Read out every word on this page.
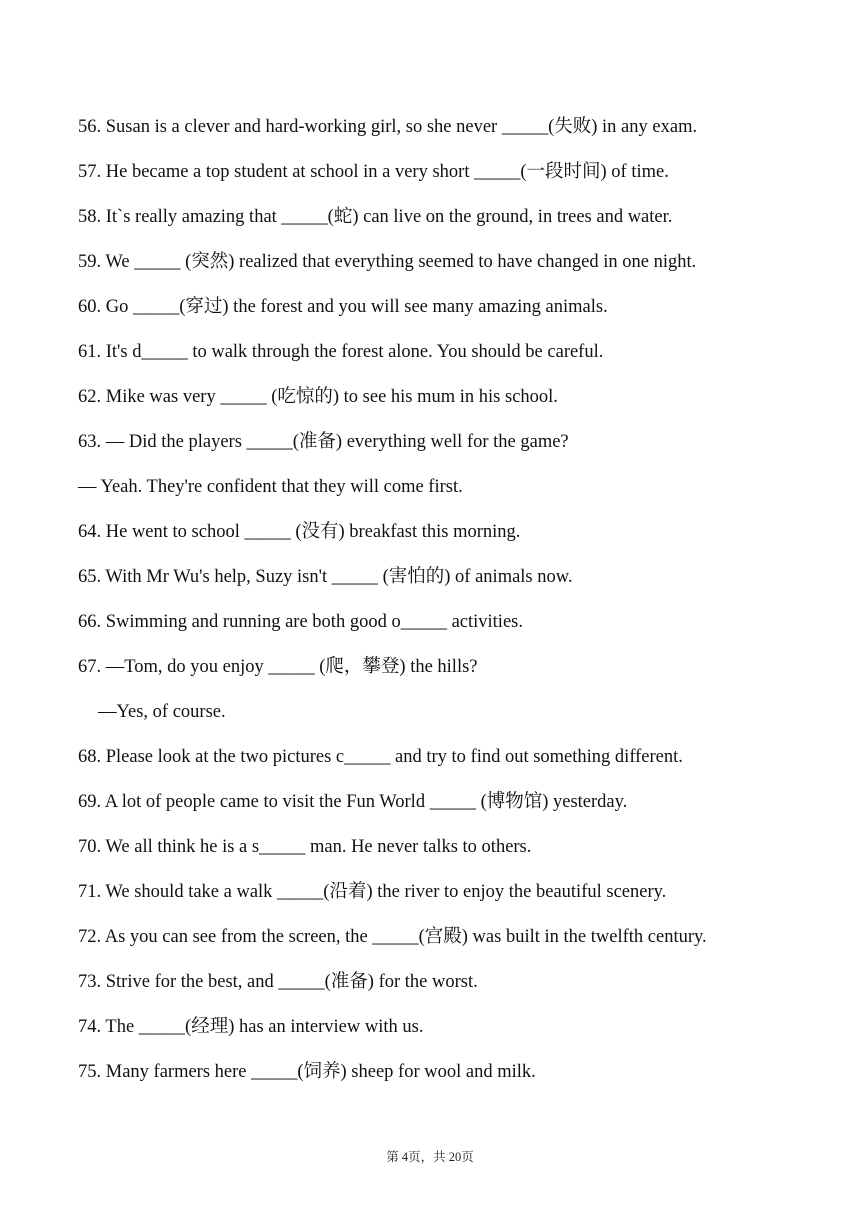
56. Susan is a clever and hard-working girl, so she never _____(失败) in any exam.
57. He became a top student at school in a very short _____(一段时间) of time.
58. It`s really amazing that _____(蛇) can live on the ground, in trees and water.
59. We _____ (突然) realized that everything seemed to have changed in one night.
60. Go _____(穿过) the forest and you will see many amazing animals.
61. It's d_____ to walk through the forest alone. You should be careful.
62. Mike was very _____ (吃惊的) to see his mum in his school.
63. — Did the players _____(准备) everything well for the game?
— Yeah. They're confident that they will come first.
64. He went to school _____ (没有) breakfast this morning.
65. With Mr Wu's help, Suzy isn't _____ (害怕的) of animals now.
66. Swimming and running are both good o_____ activities.
67. —Tom, do you enjoy _____ (爬，攀登) the hills?
—Yes, of course.
68. Please look at the two pictures c_____ and try to find out something different.
69. A lot of people came to visit the Fun World _____ (博物馆) yesterday.
70. We all think he is a s_____ man. He never talks to others.
71. We should take a walk _____(沿着) the river to enjoy the beautiful scenery.
72. As you can see from the screen, the _____(宫殿) was built in the twelfth century.
73. Strive for the best, and _____(准备) for the worst.
74. The _____(经理) has an interview with us.
75. Many farmers here _____(饲养) sheep for wool and milk.
第 4页，共 20页
